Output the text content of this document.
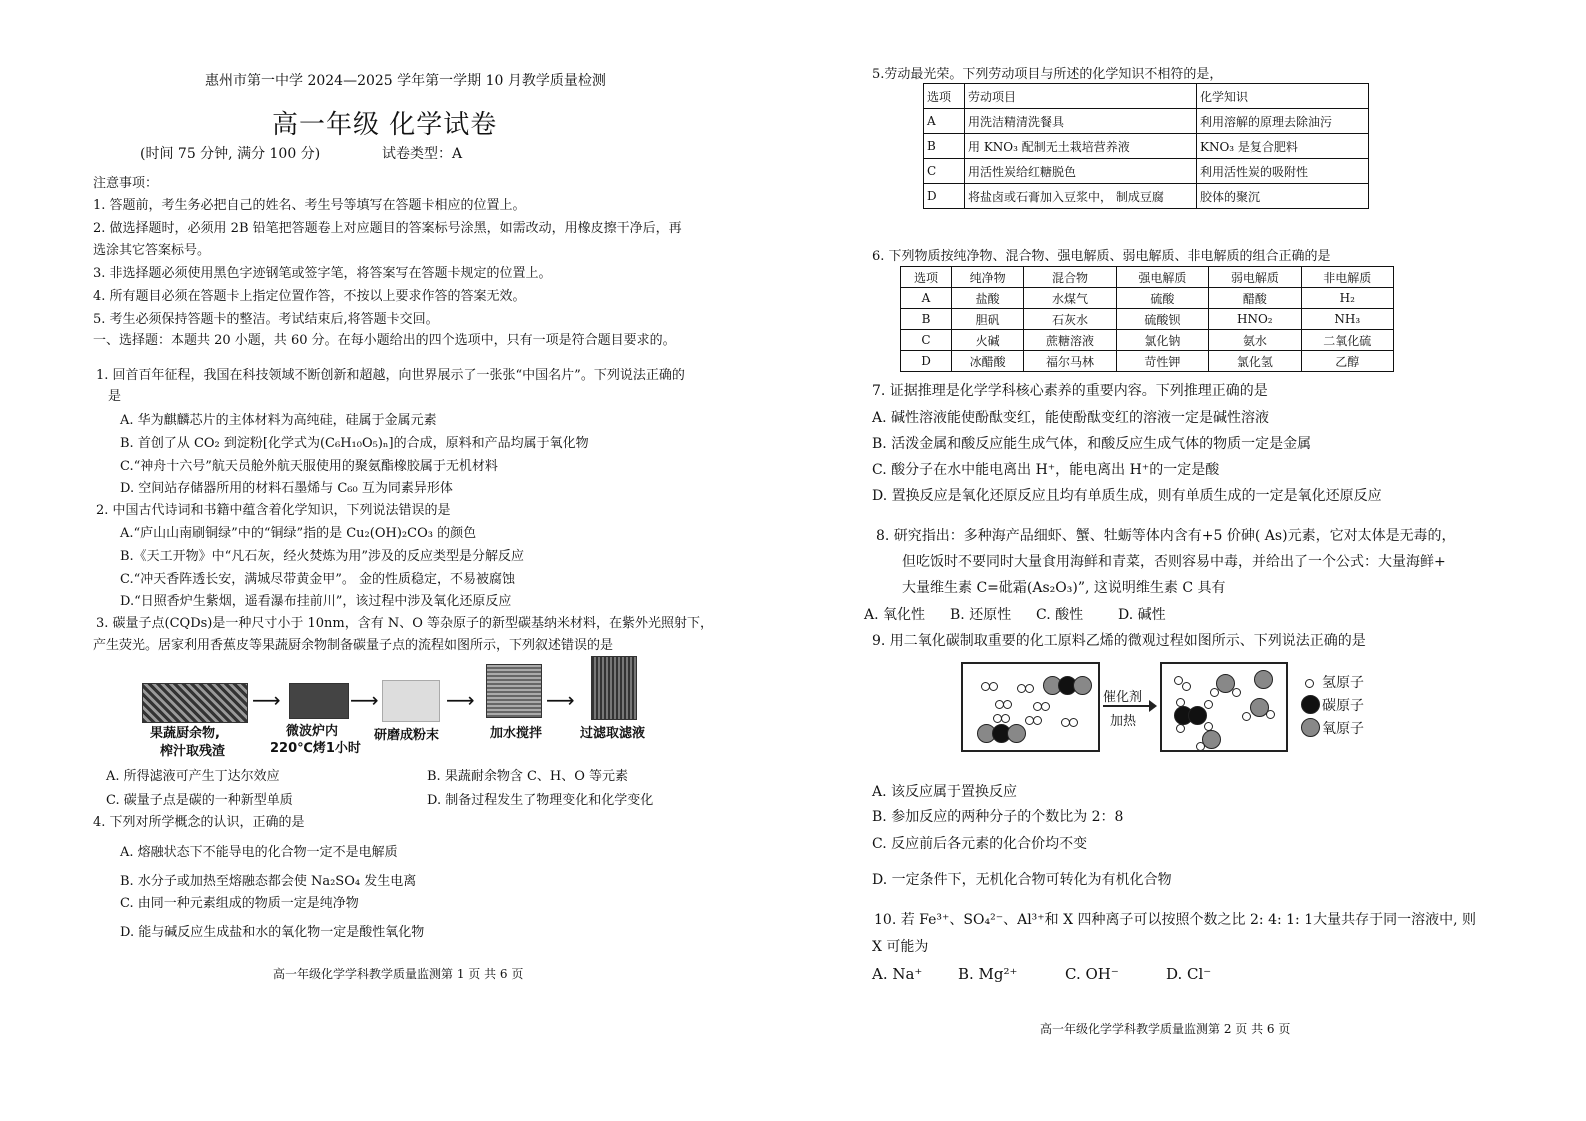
惠州市第一中学 2024—2025 学年第一学期 10 月教学质量检测
高一年级 化学试卷
(时间 75 分钟, 满分 100 分)	试卷类型：A
注意事项：
1. 答题前，考生务必把自己的姓名、考生号等填写在答题卡相应的位置上。
2. 做选择题时，必须用 2B 铅笔把答题卷上对应题目的答案标号涂黑，如需改动，用橡皮擦干净后，再
选涂其它答案标号。
3. 非选择题必须使用黑色字迹钢笔或签字笔，将答案写在答题卡规定的位置上。
4. 所有题目必须在答题卡上指定位置作答，不按以上要求作答的答案无效。
5. 考生必须保持答题卡的整洁。考试结束后,将答题卡交回。
一、选择题：本题共 20 小题，共 60 分。在每小题给出的四个选项中，只有一项是符合题目要求的。
1. 回首百年征程，我国在科技领域不断创新和超越，向世界展示了一张张“中国名片”。下列说法正确的
是
A. 华为麒麟芯片的主体材料为高纯硅，硅属于金属元素
B. 首创了从 CO₂ 到淀粉[化学式为(C₆H₁₀O₅)ₙ]的合成，原料和产品均属于氧化物
C.“神舟十六号”航天员舱外航天服使用的聚氨酯橡胶属于无机材料
D. 空间站存储器所用的材料石墨烯与 C₆₀ 互为同素异形体
2. 中国古代诗词和书籍中蕴含着化学知识，下列说法错误的是
A.“庐山山南刷铜绿”中的“铜绿”指的是 Cu₂(OH)₂CO₃ 的颜色
B.《天工开物》中“凡石灰，经火焚炼为用”涉及的反应类型是分解反应
C.“冲天香阵透长安，满城尽带黄金甲”。 金的性质稳定，不易被腐蚀
D.“日照香炉生紫烟，遥看瀑布挂前川”，该过程中涉及氧化还原反应
3. 碳量子点(CQDs)是一种尺寸小于 10nm，含有 N、O 等杂原子的新型碳基纳米材料，在紫外光照射下，
产生荧光。居家利用香蕉皮等果蔬厨余物制备碳量子点的流程如图所示，下列叙述错误的是
⟶	⟶	⟶	⟶
果蔬厨余物,
榨汁取残渣
微波炉内
220℃烤1小时
研磨成粉末	加水搅拌	过滤取滤液
A. 所得滤液可产生丁达尔效应	B. 果蔬耐余物含 C、H、O 等元素
C. 碳量子点是碳的一种新型单质	D. 制备过程发生了物理变化和化学变化
4. 下列对所学概念的认识，正确的是
A. 熔融状态下不能导电的化合物一定不是电解质
B. 水分子或加热至熔融态都会使 Na₂SO₄ 发生电离
C. 由同一种元素组成的物质一定是纯净物
D. 能与碱反应生成盐和水的氧化物一定是酸性氧化物
高一年级化学学科教学质量监测第 1 页 共 6 页
5.劳动最光荣。下列劳动项目与所述的化学知识不相符的是，
选项	劳动项目	化学知识
A	用洗洁精清洗餐具	利用溶解的原理去除油污
B	用 KNO₃ 配制无土栽培营养液	KNO₃ 是复合肥料
C	用活性炭给红糖脱色	利用活性炭的吸附性
D	将盐卤或石膏加入豆浆中， 制成豆腐	胶体的聚沉
6. 下列物质按纯净物、混合物、强电解质、弱电解质、非电解质的组合正确的是
选项	纯净物	混合物	强电解质	弱电解质	非电解质
A	盐酸	水煤气	硫酸	醋酸	H₂
B	胆矾	石灰水	硫酸钡	HNO₂	NH₃
C	火碱	蔗糖溶液	氯化钠	氨水	二氧化硫
D	冰醋酸	福尔马林	苛性钾	氯化氢	乙醇
7. 证据推理是化学学科核心素养的重要内容。下列推理正确的是
A. 碱性溶液能使酚酞变红，能使酚酞变红的溶液一定是碱性溶液
B. 活泼金属和酸反应能生成气体，和酸反应生成气体的物质一定是金属
C. 酸分子在水中能电离出 H⁺，能电离出 H⁺的一定是酸
D. 置换反应是氧化还原反应且均有单质生成，则有单质生成的一定是氧化还原反应
8. 研究指出：多种海产品细虾、蟹、牡蛎等体内含有+5 价砷( As)元素，它对太体是无毒的，
但吃饭时不要同时大量食用海鲜和青菜，否则容易中毒，并给出了一个公式：大量海鲜+
大量维生素 C=砒霜(As₂O₃)”, 这说明维生素 C 具有
A. 氧化性 B. 还原性 C. 酸性 D. 碱性
9. 用二氧化碳制取重要的化工原料乙烯的微观过程如图所示、下列说法正确的是
催化剂
加热
氢原子
碳原子
氧原子
A. 该反应属于置换反应
B. 参加反应的两种分子的个数比为 2：8
C. 反应前后各元素的化合价均不变
D. 一定条件下，无机化合物可转化为有机化合物
10. 若 Fe³⁺、SO₄²⁻、Al³⁺和 X 四种离子可以按照个数之比 2: 4: 1: 1大量共存于同一溶液中, 则
X 可能为
A. Na⁺ B. Mg²⁺	C. OH⁻	D. Cl⁻
高一年级化学学科教学质量监测第 2 页 共 6 页
